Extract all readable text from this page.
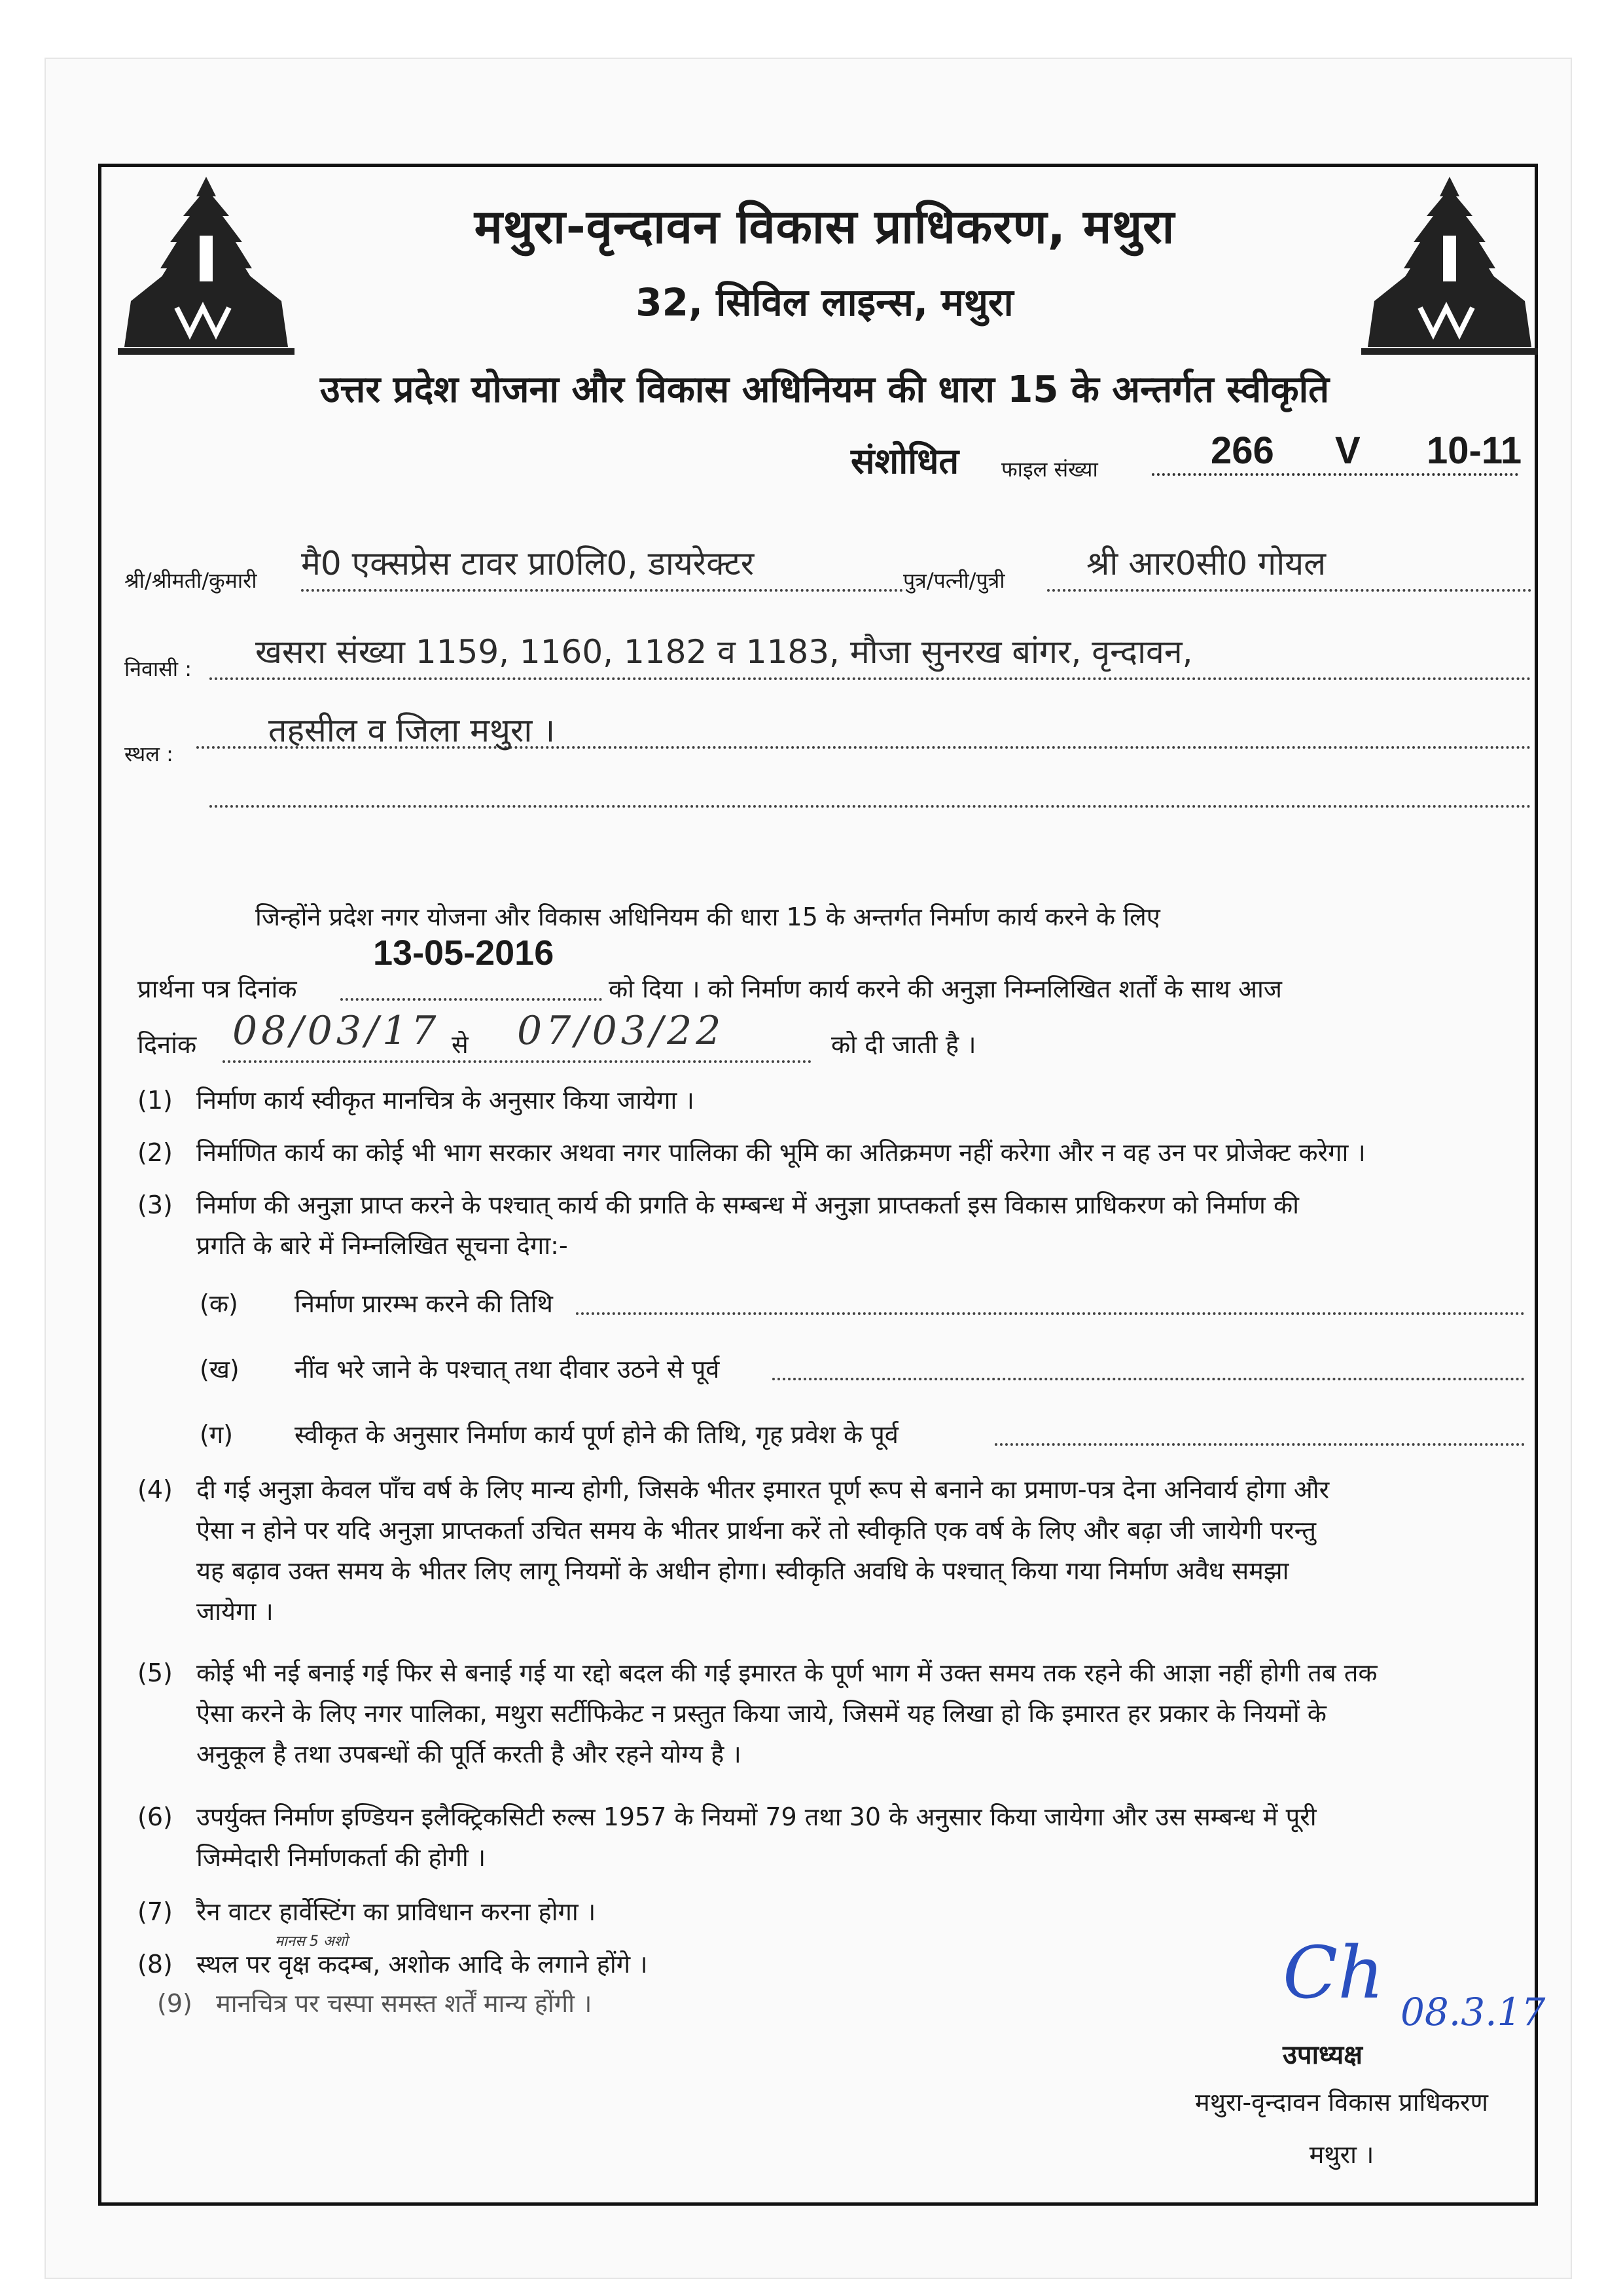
मथुरा-वृन्दावन विकास प्राधिकरण, मथुरा
32, सिविल लाइन्स, मथुरा
उत्तर प्रदेश योजना और विकास अधिनियम की धारा 15 के अन्तर्गत स्वीकृति
संशोधित फाइल संख्या	266 V 10-11
श्री/श्रीमती/कुमारी मै0 एक्सप्रेस टावर प्रा0लि0, डायरेक्टर	पुत्र/पत्नी/पुत्री श्री आर0सी0 गोयल
निवासी : खसरा संख्या 1159, 1160, 1182 व 1183, मौजा सुनरख बांगर, वृन्दावन,
स्थल :
तहसील व जिला मथुरा ।
जिन्होंने प्रदेश नगर योजना और विकास अधिनियम की धारा 15 के अन्तर्गत निर्माण कार्य करने के लिए
प्रार्थना पत्र दिनांक
13-05-2016
को दिया । को निर्माण कार्य करने की अनुज्ञा निम्नलिखित शर्तों के साथ आज
दिनांक 08/03/17 से 07/03/22	को दी जाती है ।
(1) निर्माण कार्य स्वीकृत मानचित्र के अनुसार किया जायेगा ।
(2) निर्माणित कार्य का कोई भी भाग सरकार अथवा नगर पालिका की भूमि का अतिक्रमण नहीं करेगा और न वह उन पर प्रोजेक्ट करेगा ।
(3) निर्माण की अनुज्ञा प्राप्त करने के पश्चात् कार्य की प्रगति के सम्बन्ध में अनुज्ञा प्राप्तकर्ता इस विकास प्राधिकरण को निर्माण की
प्रगति के बारे में निम्नलिखित सूचना देगा:-
(क) निर्माण प्रारम्भ करने की तिथि
(ख) नींव भरे जाने के पश्चात् तथा दीवार उठने से पूर्व
(ग) स्वीकृत के अनुसार निर्माण कार्य पूर्ण होने की तिथि, गृह प्रवेश के पूर्व
(4) दी गई अनुज्ञा केवल पाँच वर्ष के लिए मान्य होगी, जिसके भीतर इमारत पूर्ण रूप से बनाने का प्रमाण-पत्र देना अनिवार्य होगा और
ऐसा न होने पर यदि अनुज्ञा प्राप्तकर्ता उचित समय के भीतर प्रार्थना करें तो स्वीकृति एक वर्ष के लिए और बढ़ा जी जायेगी परन्तु
यह बढ़ाव उक्त समय के भीतर लिए लागू नियमों के अधीन होगा। स्वीकृति अवधि के पश्चात् किया गया निर्माण अवैध समझा
जायेगा ।
(5) कोई भी नई बनाई गई फिर से बनाई गई या रद्दो बदल की गई इमारत के पूर्ण भाग में उक्त समय तक रहने की आज्ञा नहीं होगी तब तक
ऐसा करने के लिए नगर पालिका, मथुरा सर्टीफिकेट न प्रस्तुत किया जाये, जिसमें यह लिखा हो कि इमारत हर प्रकार के नियमों के
अनुकूल है तथा उपबन्धों की पूर्ति करती है और रहने योग्य है ।
(6) उपर्युक्त निर्माण इण्डियन इलैक्ट्रिकसिटी रुल्स 1957 के नियमों 79 तथा 30 के अनुसार किया जायेगा और उस सम्बन्ध में पूरी
जिम्मेदारी निर्माणकर्ता की होगी ।
(7) रैन वाटर हार्वेस्टिंग का प्राविधान करना होगा ।
मानस 5 अशो
(8) स्थल पर वृक्ष कदम्ब, अशोक आदि के लगाने होंगे ।
(9) मानचित्र पर चस्पा समस्त शर्तें मान्य होंगी ।	Ch 08.3.17
उपाध्यक्ष
मथुरा-वृन्दावन विकास प्राधिकरण
मथुरा ।
